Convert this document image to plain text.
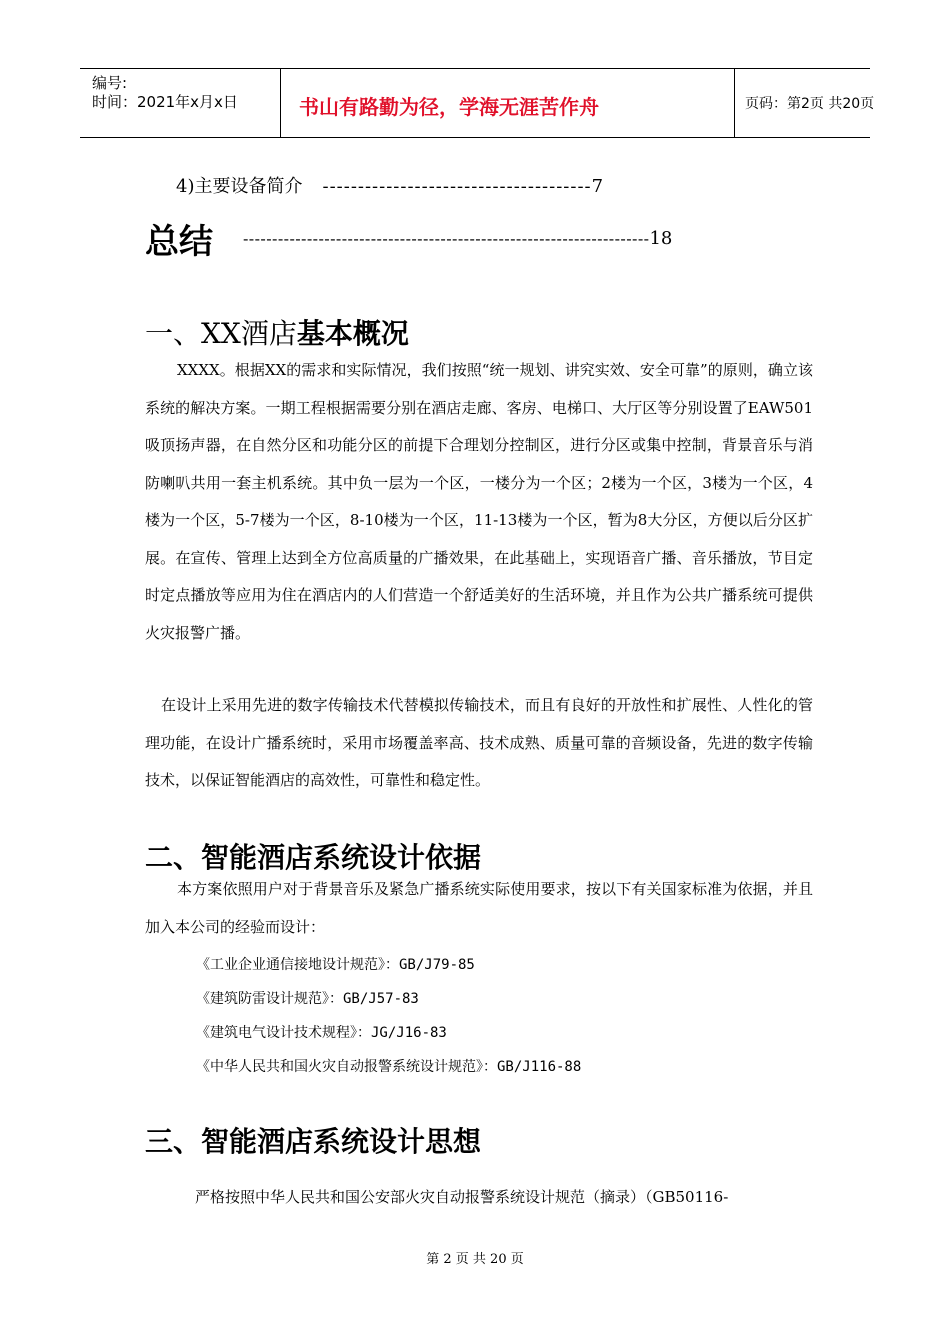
编号:
时间：2021年x月x日	书山有路勤为径，学海无涯苦作舟	页码：第2页 共20页
4)主要设备简介 --------------------------------------7
总结 ----------------------------------------------------------------------18
一、XX酒店基本概况

XXXX。根据XX的需求和实际情况，我们按照“统一规划、讲究实效、安全可靠”的原则，确立该系统的解决方案。一期工程根据需要分别在酒店走廊、客房、电梯口、大厅区等分别设置了EAW501吸顶扬声器，在自然分区和功能分区的前提下合理划分控制区，进行分区或集中控制，背景音乐与消防喇叭共用一套主机系统。其中负一层为一个区，一楼分为一个区；2楼为一个区，3楼为一个区，4楼为一个区，5-7楼为一个区，8-10楼为一个区，11-13楼为一个区，暂为8大分区，方便以后分区扩展。在宣传、管理上达到全方位高质量的广播效果，在此基础上，实现语音广播、音乐播放，节目定时定点播放等应用为住在酒店内的人们营造一个舒适美好的生活环境，并且作为公共广播系统可提供火灾报警广播。

在设计上采用先进的数字传输技术代替模拟传输技术，而且有良好的开放性和扩展性、人性化的管理功能，在设计广播系统时，采用市场覆盖率高、技术成熟、质量可靠的音频设备，先进的数字传输技术，以保证智能酒店的高效性，可靠性和稳定性。

二、智能酒店系统设计依据

本方案依照用户对于背景音乐及紧急广播系统实际使用要求，按以下有关国家标准为依据，并且加入本公司的经验而设计：

《工业企业通信接地设计规范》：GB/J79-85
《建筑防雷设计规范》：GB/J57-83
《建筑电气设计技术规程》：JG/J16-83
《中华人民共和国火灾自动报警系统设计规范》：GB/J116-88
三、智能酒店系统设计思想
严格按照中华人民共和国公安部火灾自动报警系统设计规范（摘录）（GB50116-
第 2 页 共 20 页
